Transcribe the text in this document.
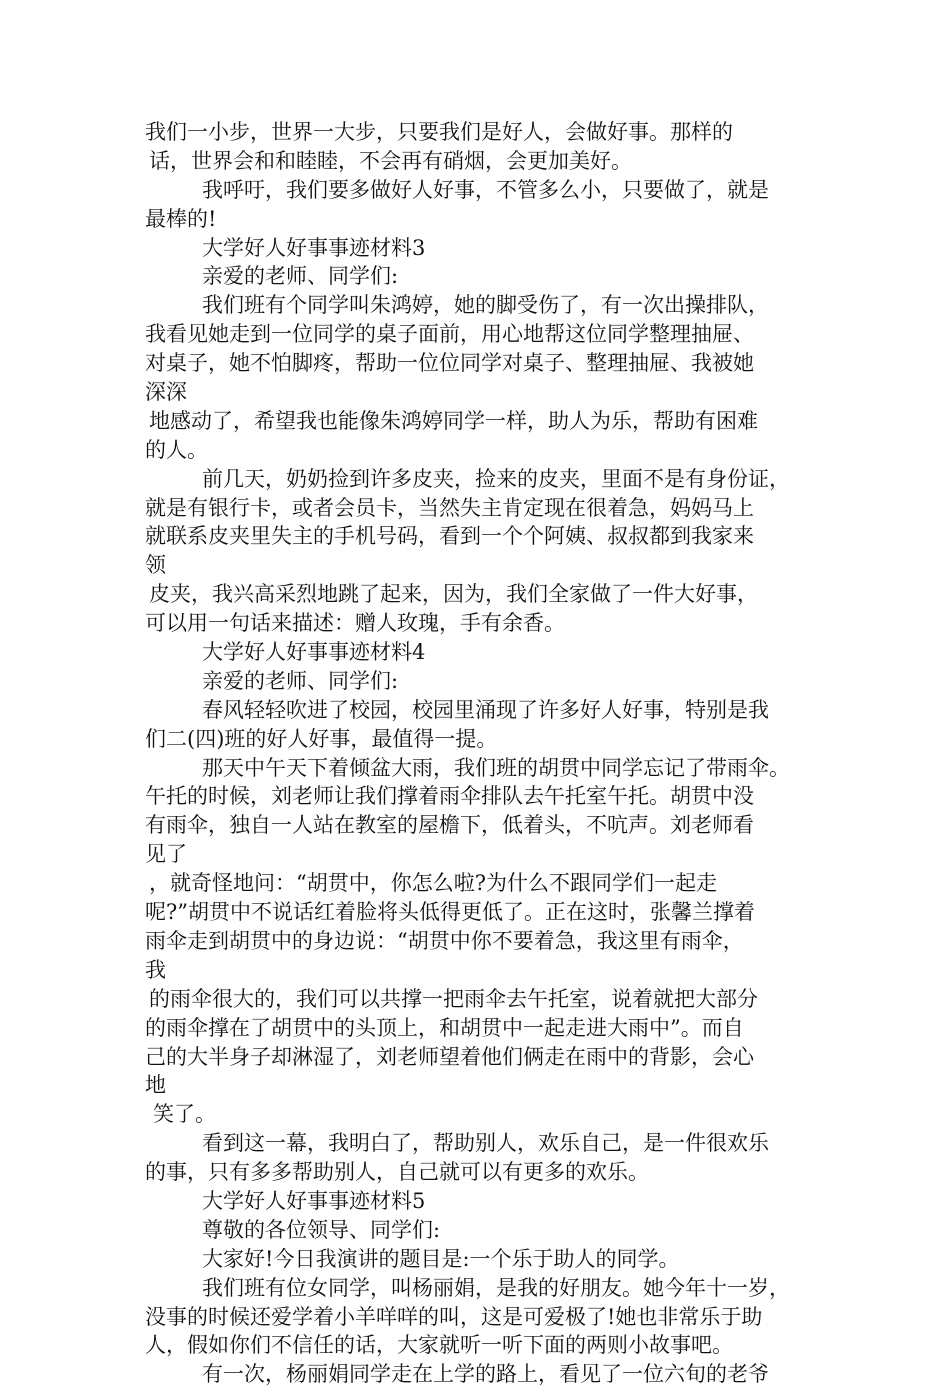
我们一小步，世界一大步，只要我们是好人，会做好事。那样的
话，世界会和和睦睦，不会再有硝烟，会更加美好。
我呼吁，我们要多做好人好事，不管多么小，只要做了，就是
最棒的!
大学好人好事事迹材料3
亲爱的老师、同学们:
我们班有个同学叫朱鸿婷，她的脚受伤了，有一次出操排队，
我看见她走到一位同学的桌子面前，用心地帮这位同学整理抽屉、
对桌子，她不怕脚疼，帮助一位位同学对桌子、整理抽屉、我被她
深深
地感动了，希望我也能像朱鸿婷同学一样，助人为乐，帮助有困难
的人。
前几天，奶奶捡到许多皮夹，捡来的皮夹，里面不是有身份证，
就是有银行卡，或者会员卡，当然失主肯定现在很着急，妈妈马上
就联系皮夹里失主的手机号码，看到一个个阿姨、叔叔都到我家来
领
皮夹，我兴高采烈地跳了起来，因为，我们全家做了一件大好事，
可以用一句话来描述：赠人玫瑰，手有余香。
大学好人好事事迹材料4
亲爱的老师、同学们:
春风轻轻吹进了校园，校园里涌现了许多好人好事，特别是我
们二(四)班的好人好事，最值得一提。
那天中午天下着倾盆大雨，我们班的胡贯中同学忘记了带雨伞。
午托的时候，刘老师让我们撑着雨伞排队去午托室午托。胡贯中没
有雨伞，独自一人站在教室的屋檐下，低着头，不吭声。刘老师看
见了
，就奇怪地问：“胡贯中，你怎么啦?为什么不跟同学们一起走
呢?”胡贯中不说话红着脸将头低得更低了。正在这时，张馨兰撑着
雨伞走到胡贯中的身边说：“胡贯中你不要着急，我这里有雨伞，
我
的雨伞很大的，我们可以共撑一把雨伞去午托室，说着就把大部分
的雨伞撑在了胡贯中的头顶上，和胡贯中一起走进大雨中”。而自
己的大半身子却淋湿了，刘老师望着他们俩走在雨中的背影，会心
地
笑了。
看到这一幕，我明白了，帮助别人，欢乐自己，是一件很欢乐
的事，只有多多帮助别人，自己就可以有更多的欢乐。
大学好人好事事迹材料5
尊敬的各位领导、同学们:
大家好!今日我演讲的题目是:一个乐于助人的同学。
我们班有位女同学，叫杨丽娟，是我的好朋友。她今年十一岁，
没事的时候还爱学着小羊咩咩的叫，这是可爱极了!她也非常乐于助
人，假如你们不信任的话，大家就听一听下面的两则小故事吧。
有一次，杨丽娟同学走在上学的路上，看见了一位六旬的老爷
